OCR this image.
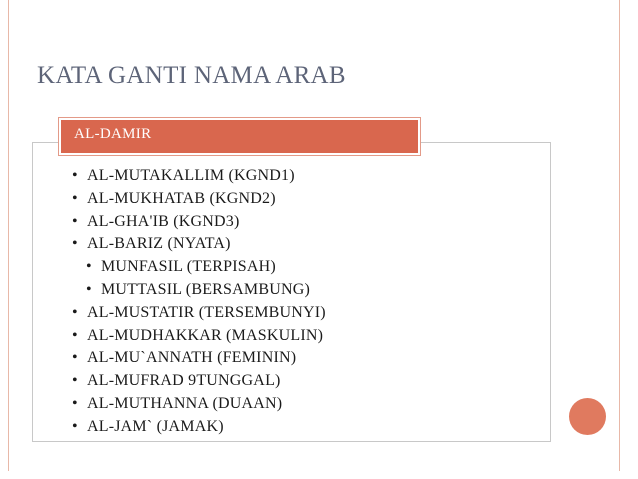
KATA GANTI NAMA ARAB
AL-DAMIR
• AL-MUTAKALLIM (KGND1)
• AL-MUKHATAB (KGND2)
• AL-GHA'IB (KGND3)
• AL-BARIZ (NYATA)
• MUNFASIL (TERPISAH)
• MUTTASIL (BERSAMBUNG)
• AL-MUSTATIR (TERSEMBUNYI)
• AL-MUDHAKKAR (MASKULIN)
• AL-MU`ANNATH (FEMININ)
• AL-MUFRAD 9TUNGGAL)
• AL-MUTHANNA (DUAAN)
• AL-JAM` (JAMAK)
